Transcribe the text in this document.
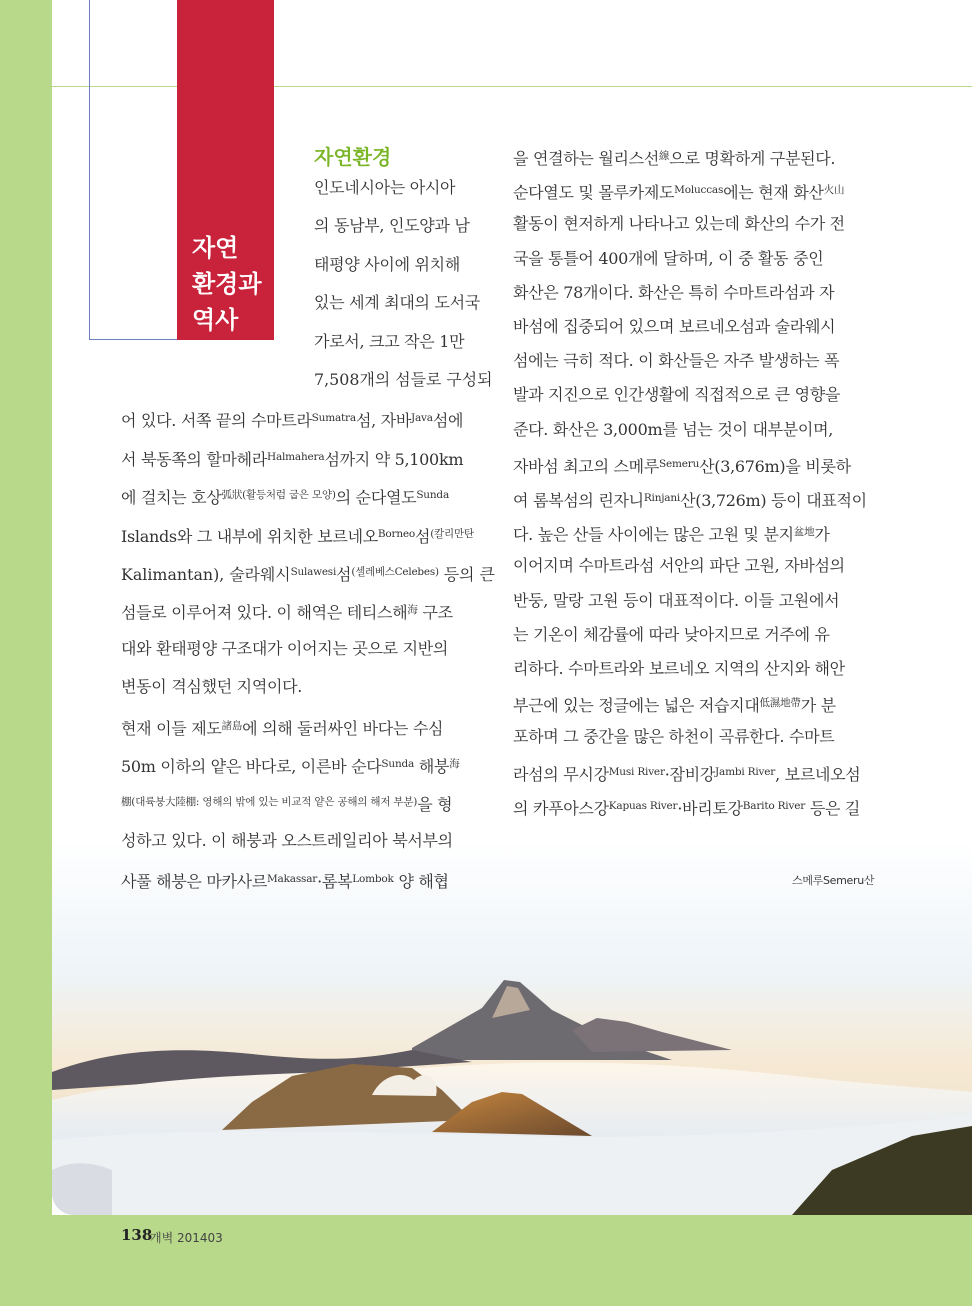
자연
환경과
역사
자연환경
스메루Semeru산
138
개벽 201403
인도네시아는 아시아
의 동남부, 인도양과 남
태평양 사이에 위치해
있는 세계 최대의 도서국
가로서, 크고 작은 1만
7,508개의 섬들로 구성되
어 있다. 서쪽 끝의 수마트라$^{Sumatra}$섬, 자바$^{Java}$섬에
서 북동쪽의 할마헤라$^{Halmahera}$섬까지 약 5,100km
에 걸치는 호상$^{弧狀(활등처럼 굽은 모양)}$의 순다열도$^{Sunda}$
Islands와 그 내부에 위치한 보르네오$^{Borneo}$섬$^{(칼리만탄}$
Kalimantan), 술라웨시$^{Sulawesi}$섬$^{(셀레베스Celebes)}$ 등의 큰
섬들로 이루어져 있다. 이 해역은 테티스해$^海$ 구조
대와 환태평양 구조대가 이어지는 곳으로 지반의
변동이 격심했던 지역이다.
현재 이들 제도$^{諸島}$에 의해 둘러싸인 바다는 수심
50m 이하의 얕은 바다로, 이른바 순다$^{Sunda}$ 해붕$^海$
$^{棚(대륙붕大陸棚: 영해의 밖에 있는 비교적 얕은 공해의 해저 부분)}$을 형
성하고 있다. 이 해붕과 오스트레일리아 북서부의
사풀 해붕은 마카사르$^{Makassar}$·롬복$^{Lombok}$ 양 해협
을 연결하는 월리스선$^線$으로 명확하게 구분된다.
순다열도 및 몰루카제도$^{Moluccas}$에는 현재 화산$^{火山}$
활동이 현저하게 나타나고 있는데 화산의 수가 전
국을 통틀어 400개에 달하며, 이 중 활동 중인
화산은 78개이다. 화산은 특히 수마트라섬과 자
바섬에 집중되어 있으며 보르네오섬과 술라웨시
섬에는 극히 적다. 이 화산들은 자주 발생하는 폭
발과 지진으로 인간생활에 직접적으로 큰 영향을
준다. 화산은 3,000m를 넘는 것이 대부분이며,
자바섬 최고의 스메루$^{Semeru}$산(3,676m)을 비롯하
여 롬복섬의 린자니$^{Rinjani}$산(3,726m) 등이 대표적이
다. 높은 산들 사이에는 많은 고원 및 분지$^{盆地}$가
이어지며 수마트라섬 서안의 파단 고원, 자바섬의
반둥, 말랑 고원 등이 대표적이다. 이들 고원에서
는 기온이 체감률에 따라 낮아지므로 거주에 유
리하다. 수마트라와 보르네오 지역의 산지와 해안
부근에 있는 정글에는 넓은 저습지대$^{低濕地帶}$가 분
포하며 그 중간을 많은 하천이 곡류한다. 수마트
라섬의 무시강$^{Musi River}$·잠비강$^{Jambi River}$, 보르네오섬
의 카푸아스강$^{Kapuas River}$·바리토강$^{Barito River}$ 등은 길
